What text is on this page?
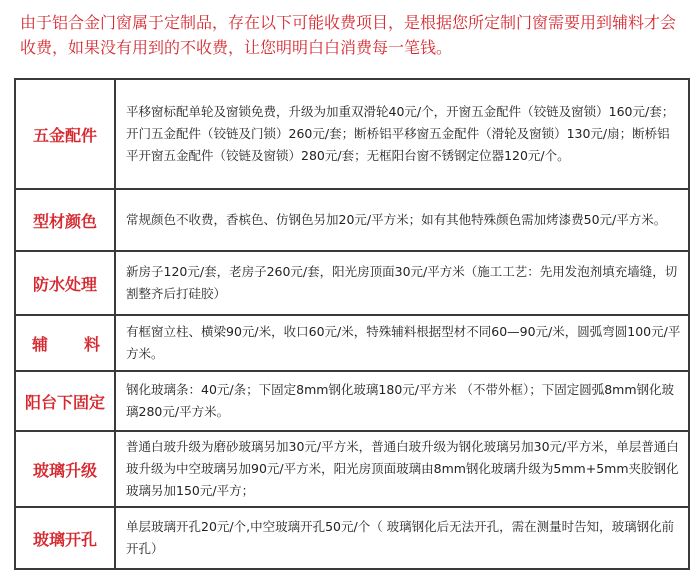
由于铝合金门窗属于定制品，存在以下可能收费项目，是根据您所定制门窗需要用到辅料才会收费，如果没有用到的不收费，让您明明白白消费每一笔钱。

五金配件	平移窗标配单轮及窗锁免费，升级为加重双滑轮40元/个，开窗五金配件（铰链及窗锁）160元/套；开门五金配件（铰链及门锁）260元/套；断桥铝平移窗五金配件（滑轮及窗锁）130元/扇；断桥铝平开窗五金配件（铰链及窗锁）280元/套；无框阳台窗不锈钢定位器120元/个。
型材颜色	常规颜色不收费，香槟色、仿钢色另加20元/平方米；如有其他特殊颜色需加烤漆费50元/平方米。
防水处理	新房子120元/套，老房子260元/套，阳光房顶面30元/平方米（施工工艺：先用发泡剂填充墙缝，切割整齐后打硅胶）
辅料	有框窗立柱、横梁90元/米，收口60元/米，特殊辅料根据型材不同60—90元/米，圆弧弯圆100元/平方米。
阳台下固定	钢化玻璃条：40元/条；下固定8mm钢化玻璃180元/平方米 （不带外框）；下固定圆弧8mm钢化玻璃280元/平方米。
玻璃升级	普通白玻升级为磨砂玻璃另加30元/平方米，普通白玻升级为钢化玻璃另加30元/平方米，单层普通白玻升级为中空玻璃另加90元/平方米，阳光房顶面玻璃由8mm钢化玻璃升级为5mm+5mm夹胶钢化玻璃另加150元/平方；
玻璃开孔	单层玻璃开孔20元/个,中空玻璃开孔50元/个（ 玻璃钢化后无法开孔，需在测量时告知，玻璃钢化前开孔）
